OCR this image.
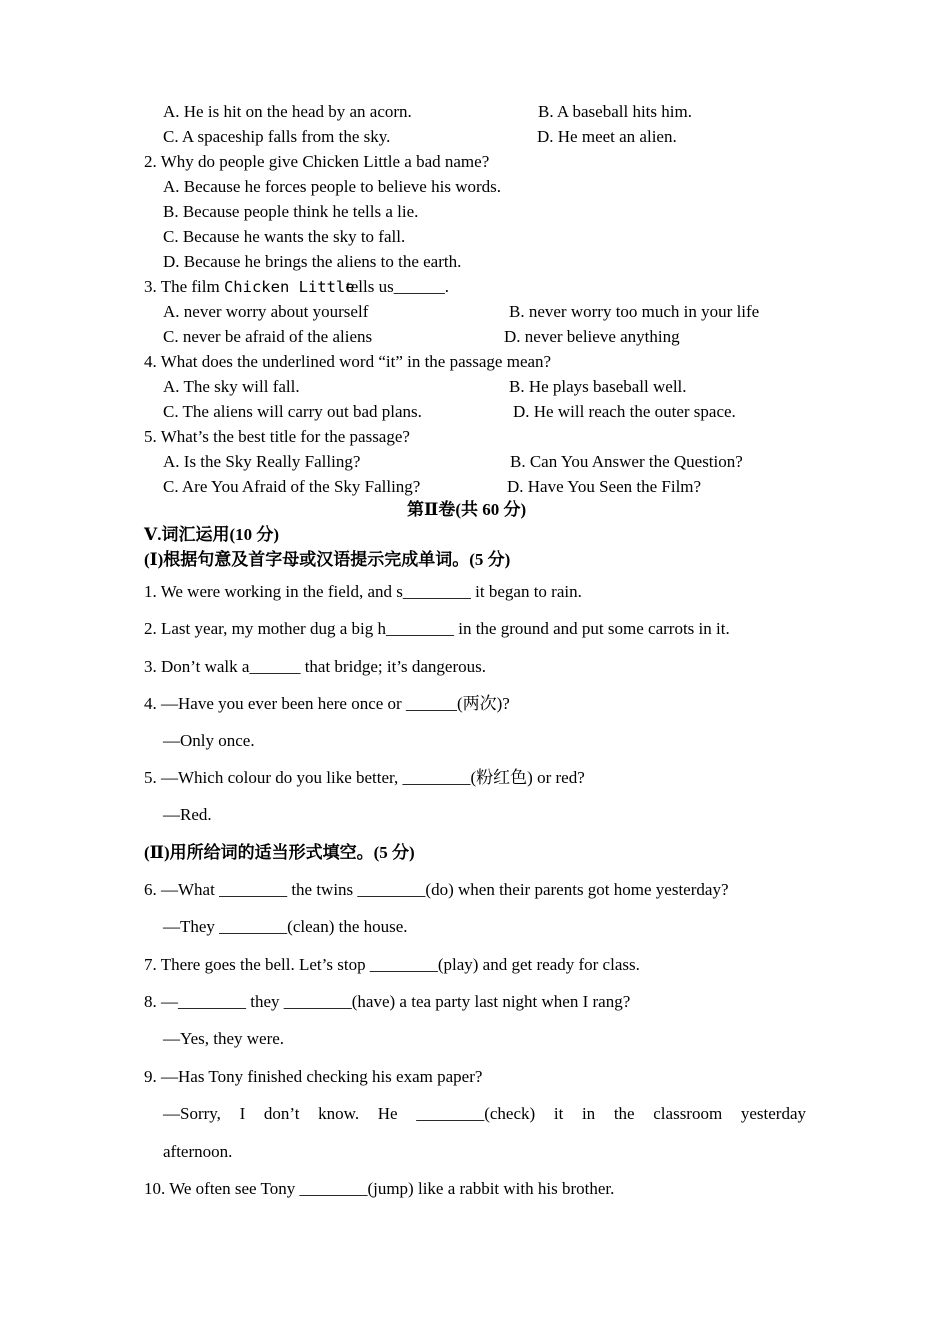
A. He is hit on the head by an acorn.	B. A baseball hits him.
C. A spaceship falls from the sky.	D. He meet an alien.
2. Why do people give Chicken Little a bad name?
A. Because he forces people to believe his words.
B. Because people think he tells a lie.
C. Because he wants the sky to fall.
D. Because he brings the aliens to the earth.
3. The film Chicken Little
tells us______.
A. never worry about yourself	B. never worry too much in your life
C. never be afraid of the aliens	D. never believe anything
4. What does the underlined word “it” in the passage mean?
A. The sky will fall.	B. He plays baseball well.
C. The aliens will carry out bad plans.	D. He will reach the outer space.
5. What’s the best title for the passage?
A. Is the Sky Really Falling?	B. Can You Answer the Question?
C. Are You Afraid of the Sky Falling?	D. Have You Seen the Film?
第Ⅱ卷(共 60 分)
Ⅴ.词汇运用(10 分)
(Ⅰ)根据句意及首字母或汉语提示完成单词。(5 分)
1. We were working in the field, and s________ it began to rain.
2. Last year, my mother dug a big h________ in the ground and put some carrots in it.
3. Don’t walk a______ that bridge; it’s dangerous.
4. —Have you ever been here once or ______(两次)?
—Only once.
5. —Which colour do you like better, ________(粉红色) or red?
—Red.
(Ⅱ)用所给词的适当形式填空。(5 分)
6. —What ________ the twins ________(do) when their parents got home yesterday?
—They ________(clean) the house.
7. There goes the bell. Let’s stop ________(play) and get ready for class.
8. —________ they ________(have) a tea party last night when I rang?
—Yes, they were.
9. —Has Tony finished checking his exam paper?
—Sorry, I don’t know. He ________(check) it in the classroom yesterday
afternoon.
10. We often see Tony ________(jump) like a rabbit with his brother.
